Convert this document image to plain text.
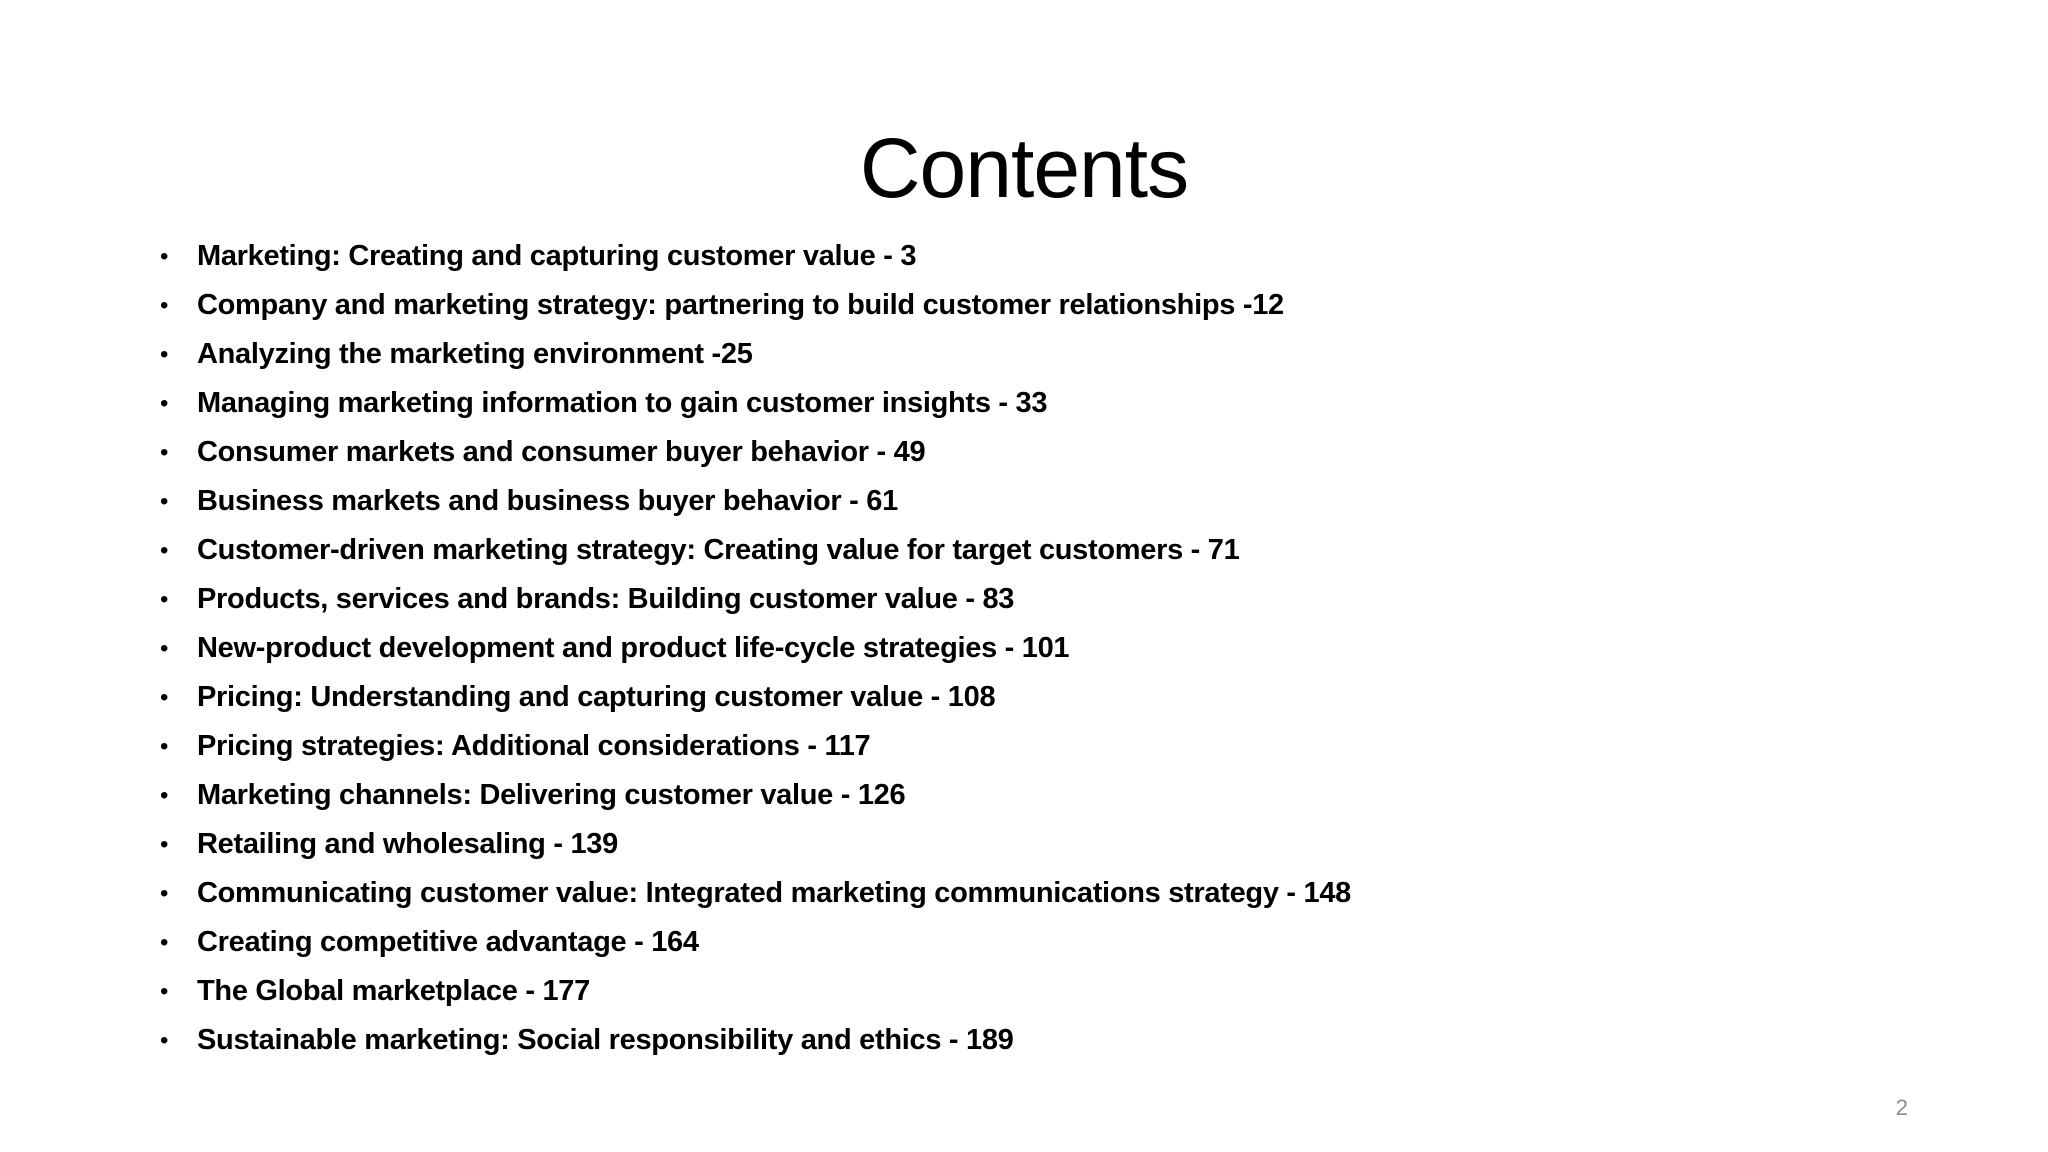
Contents
• Marketing: Creating and capturing customer value - 3
• Company and marketing strategy: partnering to build customer relationships -12
• Analyzing the marketing environment -25
• Managing marketing information to gain customer insights - 33
• Consumer markets and consumer buyer behavior - 49
• Business markets and business buyer behavior - 61
• Customer-driven marketing strategy: Creating value for target customers - 71
• Products, services and brands: Building customer value - 83
• New-product development and product life-cycle strategies - 101
• Pricing: Understanding and capturing customer value - 108
• Pricing strategies: Additional considerations - 117
• Marketing channels: Delivering customer value - 126
• Retailing and wholesaling - 139
• Communicating customer value: Integrated marketing communications strategy - 148
• Creating competitive advantage - 164
• The Global marketplace - 177
• Sustainable marketing: Social responsibility and ethics - 189
2
